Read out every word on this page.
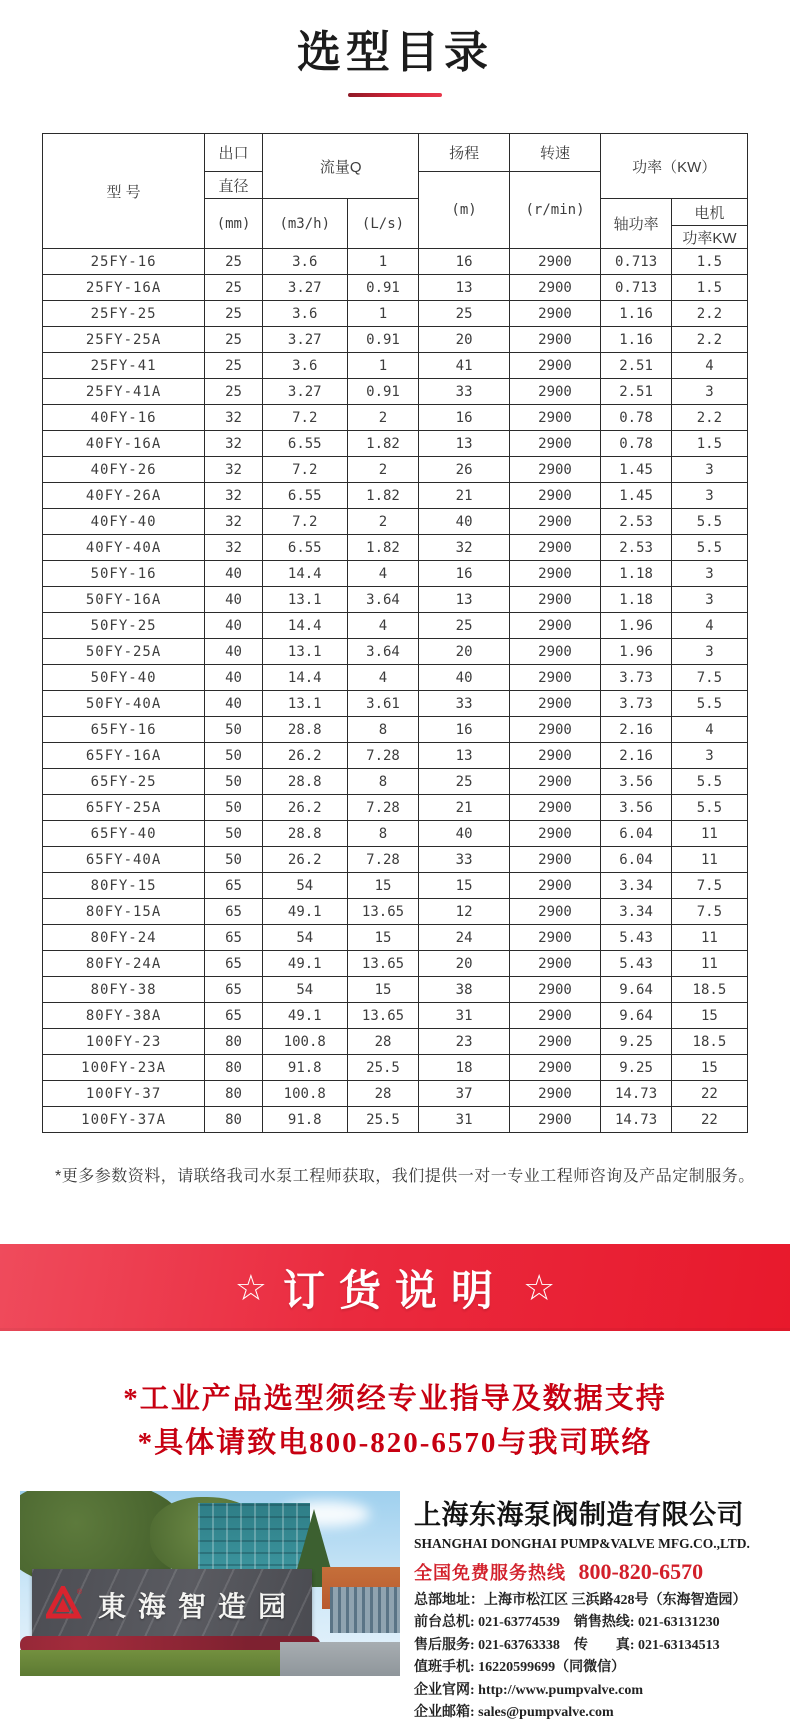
选型目录
型 号	出口	流量Q		扬程	转速	功率（KW）	
	直径			(m)	(r/min)		
	(mm)	(m3/h)	(L/s)			轴功率	电机
							功率KW
25FY-16	25	3.6	1	16	2900	0.713	1.5
25FY-16A	25	3.27	0.91	13	2900	0.713	1.5
25FY-25	25	3.6	1	25	2900	1.16	2.2
25FY-25A	25	3.27	0.91	20	2900	1.16	2.2
25FY-41	25	3.6	1	41	2900	2.51	4
25FY-41A	25	3.27	0.91	33	2900	2.51	3
40FY-16	32	7.2	2	16	2900	0.78	2.2
40FY-16A	32	6.55	1.82	13	2900	0.78	1.5
40FY-26	32	7.2	2	26	2900	1.45	3
40FY-26A	32	6.55	1.82	21	2900	1.45	3
40FY-40	32	7.2	2	40	2900	2.53	5.5
40FY-40A	32	6.55	1.82	32	2900	2.53	5.5
50FY-16	40	14.4	4	16	2900	1.18	3
50FY-16A	40	13.1	3.64	13	2900	1.18	3
50FY-25	40	14.4	4	25	2900	1.96	4
50FY-25A	40	13.1	3.64	20	2900	1.96	3
50FY-40	40	14.4	4	40	2900	3.73	7.5
50FY-40A	40	13.1	3.61	33	2900	3.73	5.5
65FY-16	50	28.8	8	16	2900	2.16	4
65FY-16A	50	26.2	7.28	13	2900	2.16	3
65FY-25	50	28.8	8	25	2900	3.56	5.5
65FY-25A	50	26.2	7.28	21	2900	3.56	5.5
65FY-40	50	28.8	8	40	2900	6.04	11
65FY-40A	50	26.2	7.28	33	2900	6.04	11
80FY-15	65	54	15	15	2900	3.34	7.5
80FY-15A	65	49.1	13.65	12	2900	3.34	7.5
80FY-24	65	54	15	24	2900	5.43	11
80FY-24A	65	49.1	13.65	20	2900	5.43	11
80FY-38	65	54	15	38	2900	9.64	18.5
80FY-38A	65	49.1	13.65	31	2900	9.64	15
100FY-23	80	100.8	28	23	2900	9.25	18.5
100FY-23A	80	91.8	25.5	18	2900	9.25	15
100FY-37	80	100.8	28	37	2900	14.73	22
100FY-37A	80	91.8	25.5	31	2900	14.73	22
*更多参数资料，请联络我司水泵工程师获取，我们提供一对一专业工程师咨询及产品定制服务。
☆ 订货说明 ☆
*工业产品选型须经专业指导及数据支持
*具体请致电800-820-6570与我司联络
® 東海智造园
上海东海泵阀制造有限公司
SHANGHAI DONGHAI PUMP&VALVE MFG.CO.,LTD.
全国免费服务热线 800-820-6570
总部地址：上海市松江区 三浜路428号（东海智造园）
前台总机: 021-63774539　销售热线: 021-63131230
售后服务: 021-63763338　传　　真: 021-63134513
值班手机: 16220599699（同微信）
企业官网: http://www.pumpvalve.com
企业邮箱: sales@pumpvalve.com
